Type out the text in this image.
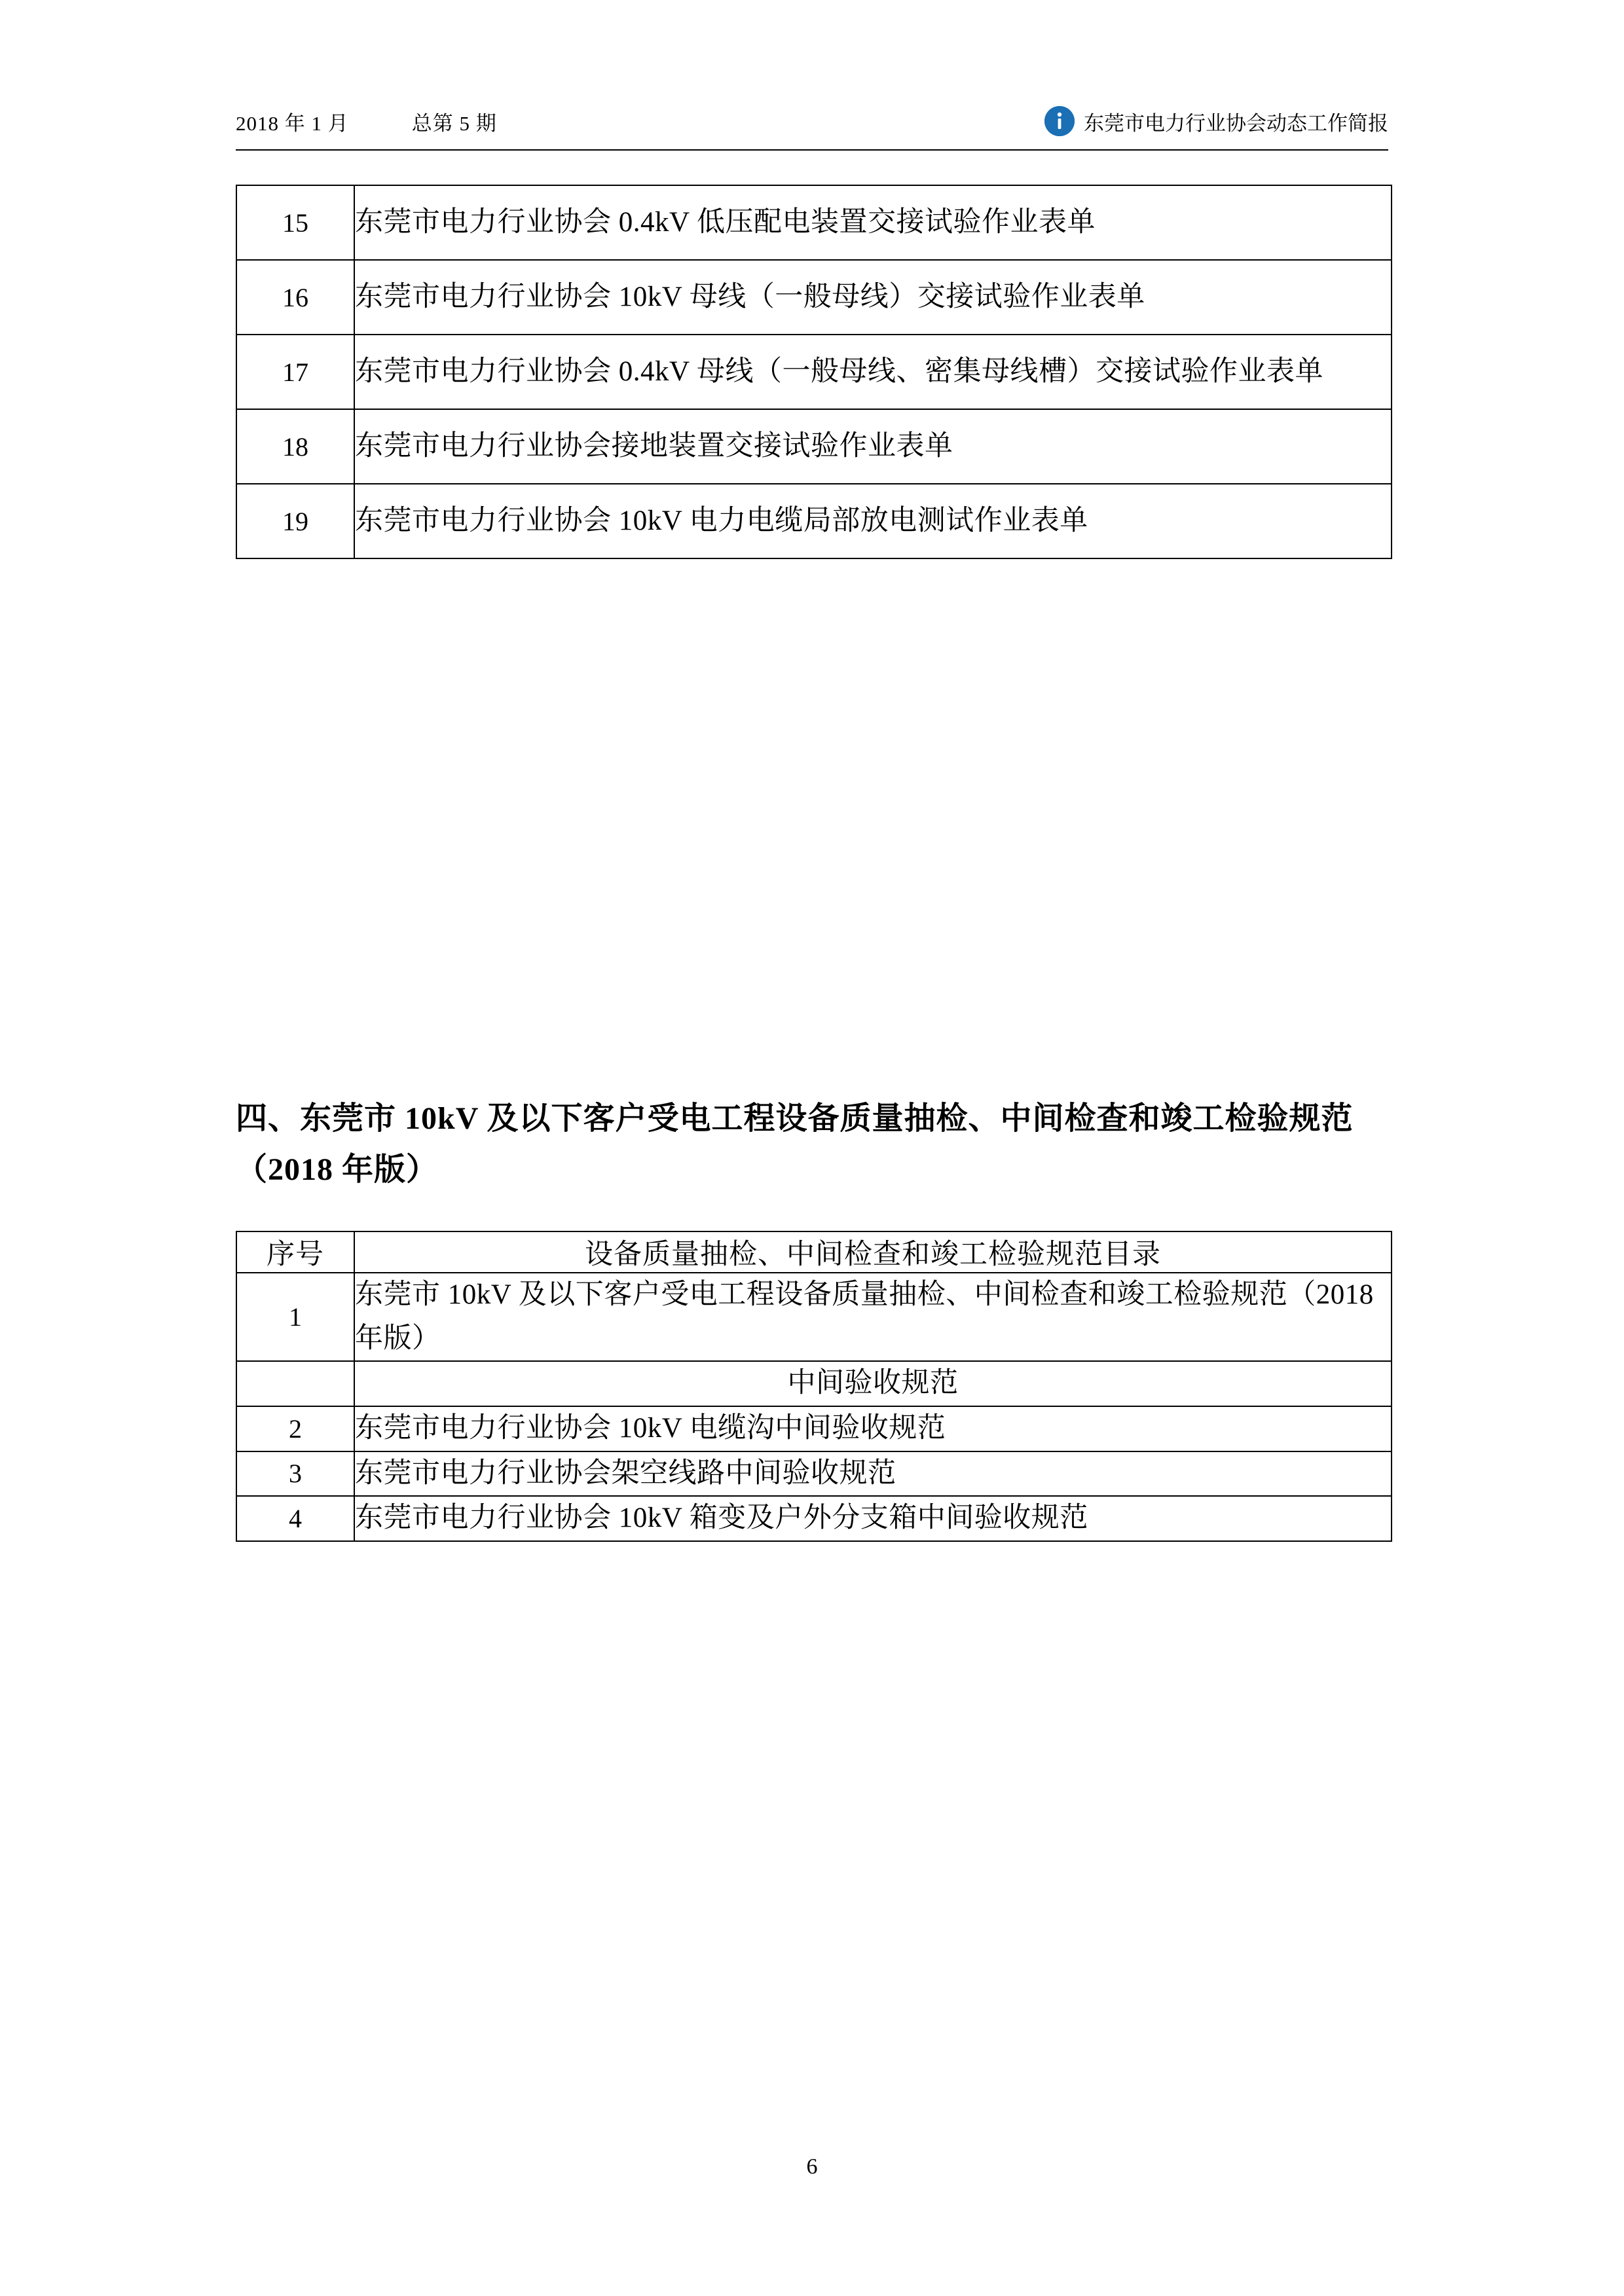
2018 年 1 月	总第 5 期	东莞市电力行业协会动态工作简报
15	东莞市电力行业协会 0.4kV 低压配电装置交接试验作业表单
16	东莞市电力行业协会 10kV 母线（一般母线）交接试验作业表单
17	东莞市电力行业协会 0.4kV 母线（一般母线、密集母线槽）交接试验作业表单
18	东莞市电力行业协会接地装置交接试验作业表单
19	东莞市电力行业协会 10kV 电力电缆局部放电测试作业表单
四、东莞市 10kV 及以下客户受电工程设备质量抽检、中间检查和竣工检验规范（2018 年版）
序号	设备质量抽检、中间检查和竣工检验规范目录
1	东莞市 10kV 及以下客户受电工程设备质量抽检、中间检查和竣工检验规范（2018 年版）
	中间验收规范
2	东莞市电力行业协会 10kV 电缆沟中间验收规范
3	东莞市电力行业协会架空线路中间验收规范
4	东莞市电力行业协会 10kV 箱变及户外分支箱中间验收规范
6
